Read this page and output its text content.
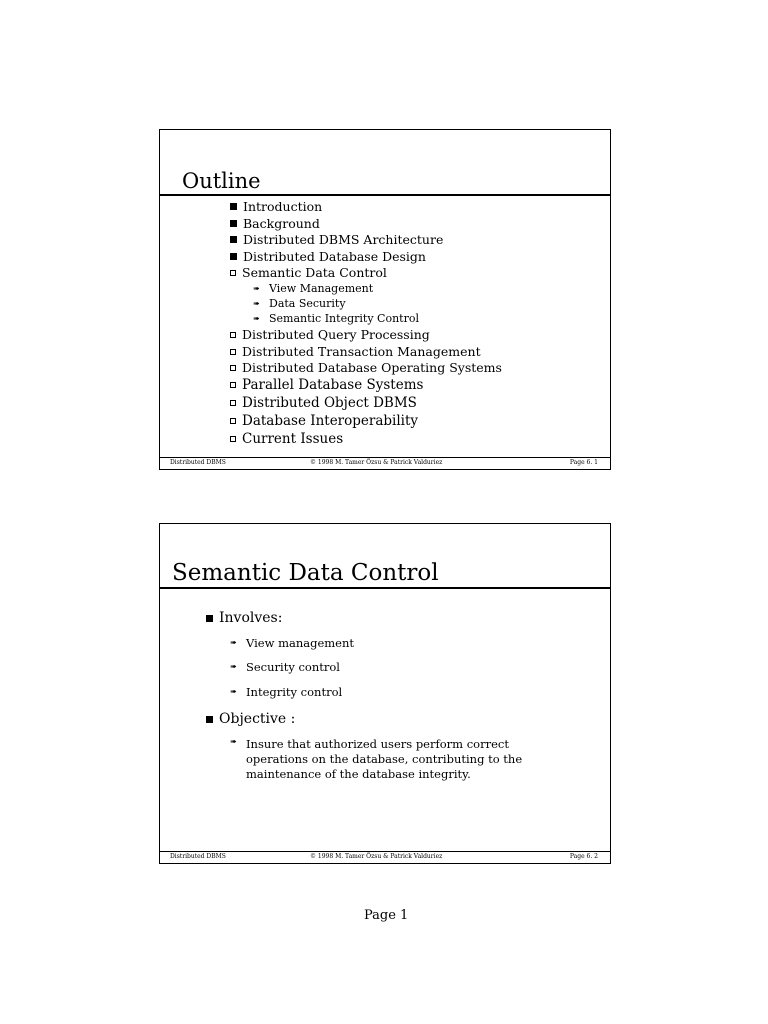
Outline
Introduction
Background
Distributed DBMS Architecture
Distributed Database Design
Semantic Data Control
➠ View Management
➠ Data Security
➠ Semantic Integrity Control
Distributed Query Processing
Distributed Transaction Management
Distributed Database Operating Systems
Parallel Database Systems
Distributed Object DBMS
Database Interoperability
Current Issues
Distributed DBMS	© 1998 M. Tamer Özsu & Patrick Valduriez	Page 6. 1
Semantic Data Control
Involves:
➠ View management
➠ Security control
➠ Integrity control
Objective :
➠ Insure that authorized users perform correct

operations on the database, contributing to the

maintenance of the database integrity.

Distributed DBMS	© 1998 M. Tamer Özsu & Patrick Valduriez	Page 6. 2
Page 1
